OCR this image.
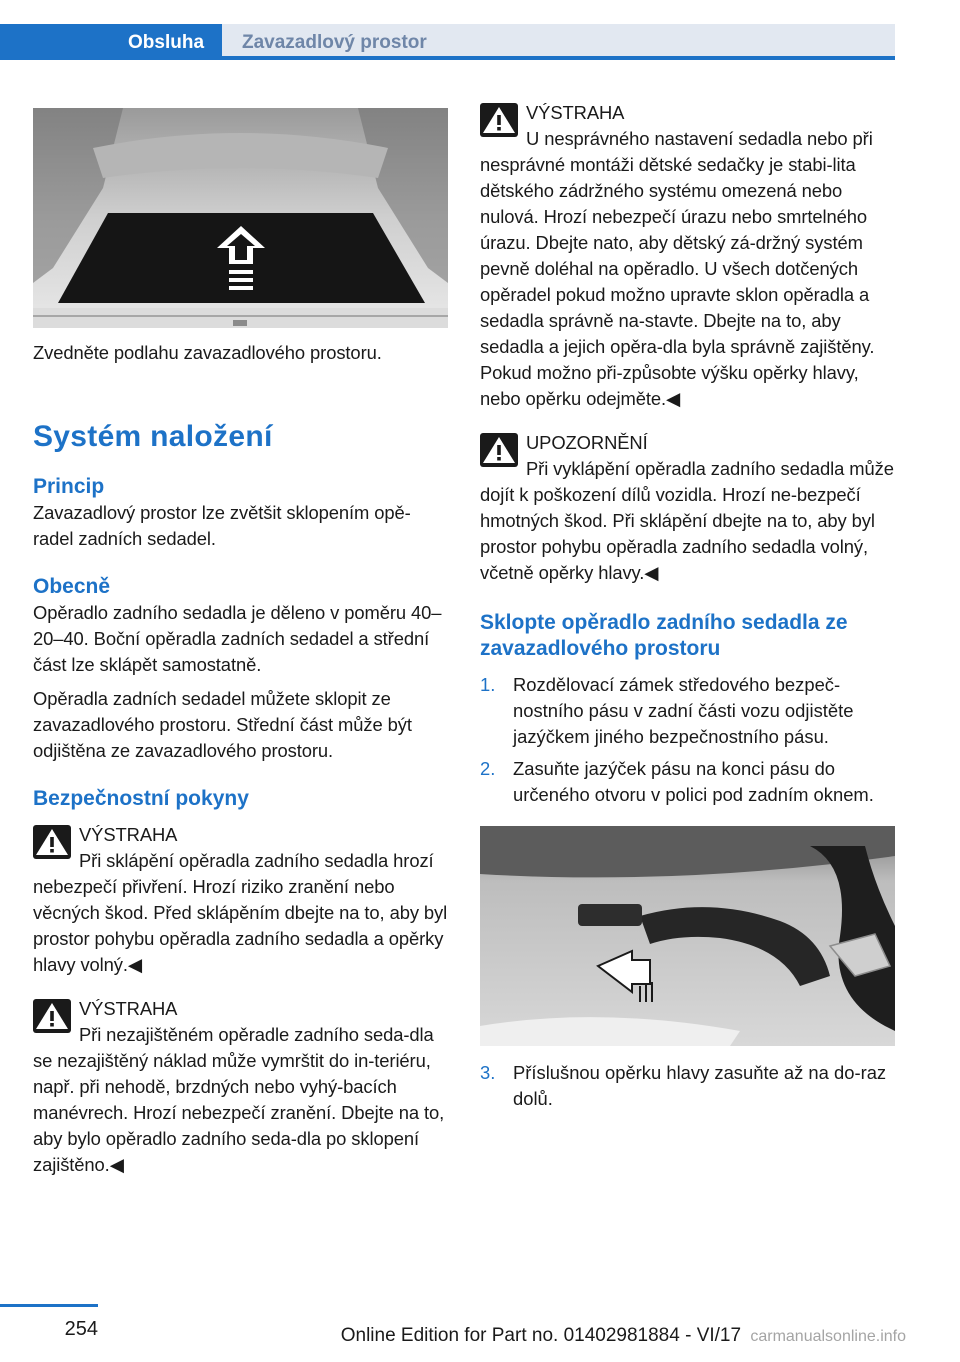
Obsluha	Zavazadlový prostor

Zvedněte podlahu zavazadlového prostoru.

Systém naložení
Princip

Zavazadlový prostor lze zvětšit sklopením opě‐radel zadních sedadel.

Obecně

Opěradlo zadního sedadla je děleno v poměru 40–20–40. Boční opěradla zadních sedadel a střední část lze sklápět samostatně.

Opěradla zadních sedadel můžete sklopit ze zavazadlového prostoru. Střední část může být odjištěna ze zavazadlového prostoru.

Bezpečnostní pokyny

VÝSTRAHA

Při sklápění opěradla zadního sedadla hrozí nebezpečí přivření. Hrozí riziko zranění nebo věcných škod. Před sklápěním dbejte na to, aby byl prostor pohybu opěradla zadního sedadla a opěrky hlavy volný.◀

VÝSTRAHA

Při nezajištěném opěradle zadního seda‐dla se nezajištěný náklad může vymrštit do in‐teriéru, např. při nehodě, brzdných nebo vyhý‐bacích manévrech. Hrozí nebezpečí zranění. Dbejte na to, aby bylo opěradlo zadního seda‐dla po sklopení zajištěno.◀

VÝSTRAHA

U nesprávného nastavení sedadla nebo při nesprávné montáži dětské sedačky je stabi‐lita dětského zádržného systému omezená nebo nulová. Hrozí nebezpečí úrazu nebo smrtelného úrazu. Dbejte nato, aby dětský zá‐držný systém pevně doléhal na opěradlo. U všech dotčených opěradel pokud možno upravte sklon opěradla a sedadla správně na‐stavte. Dbejte na to, aby sedadla a jejich opěra‐dla byla správně zajištěny. Pokud možno při‐způsobte výšku opěrky hlavy, nebo opěrku odejměte.◀

UPOZORNĚNÍ

Při vyklápění opěradla zadního sedadla může dojít k poškození dílů vozidla. Hrozí ne‐bezpečí hmotných škod. Při sklápění dbejte na to, aby byl prostor pohybu opěradla zadního sedadla volný, včetně opěrky hlavy.◀

Sklopte opěradlo zadního sedadla ze zavazadlového prostoru
1. Rozdělovací zámek středového bezpeč‐nostního pásu v zadní části vozu odjistěte jazýčkem jiného bezpečnostního pásu.
2. Zasuňte jazýček pásu na konci pásu do určeného otvoru v polici pod zadním oknem.
3. Příslušnou opěrku hlavy zasuňte až na do‐raz dolů.
254	Online Edition for Part no. 01402981884 - VI/17 carmanualsonline.info
